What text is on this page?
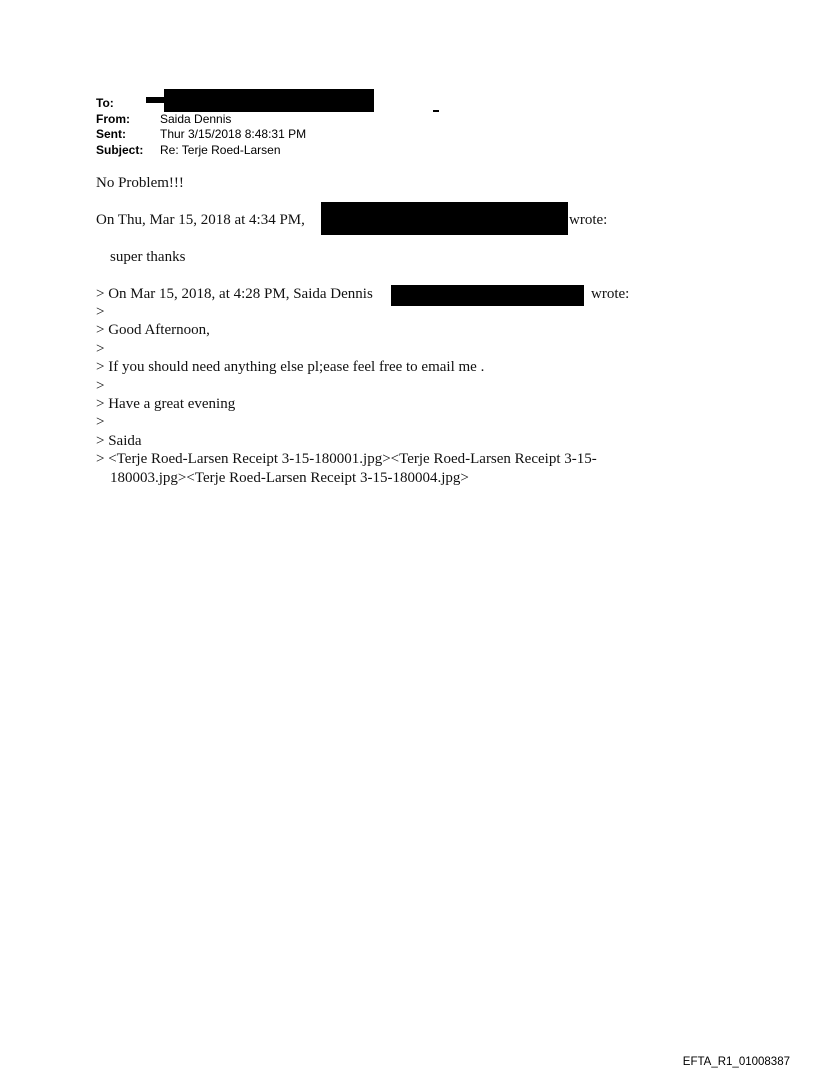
To:
From:	Saida Dennis
Sent:	Thur 3/15/2018 8:48:31 PM
Subject: Re: Terje Roed-Larsen
No Problem!!!
On Thu, Mar 15, 2018 at 4:34 PM,	wrote:
super thanks
> On Mar 15, 2018, at 4:28 PM, Saida Dennis	wrote:
>
> Good Afternoon,
>
> If you should need anything else pl;ease feel free to email me .
>
> Have a great evening
>
> Saida
> <Terje Roed-Larsen Receipt 3-15-180001.jpg><Terje Roed-Larsen Receipt 3-15-
180003.jpg><Terje Roed-Larsen Receipt 3-15-180004.jpg>
EFTA_R1_01008387
